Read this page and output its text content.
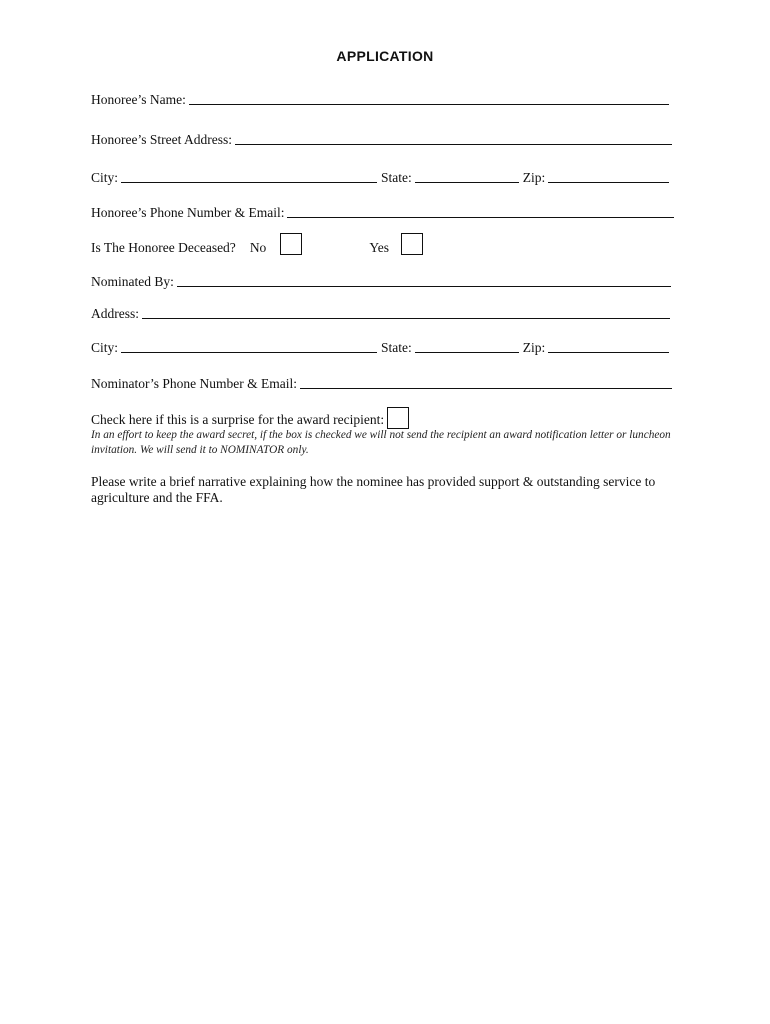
APPLICATION
Honoree’s Name:
Honoree’s Street Address:
City:	State:	Zip:
Honoree’s Phone Number & Email:
Is The Honoree Deceased? No	Yes
Nominated By:
Address:
City:	State:	Zip:
Nominator’s Phone Number & Email:
Check here if this is a surprise for the award recipient:
In an effort to keep the award secret, if the box is checked we will not send the recipient an award notification letter or luncheon invitation. We will send it to NOMINATOR only.
Please write a brief narrative explaining how the nominee has provided support & outstanding service to agriculture and the FFA.
